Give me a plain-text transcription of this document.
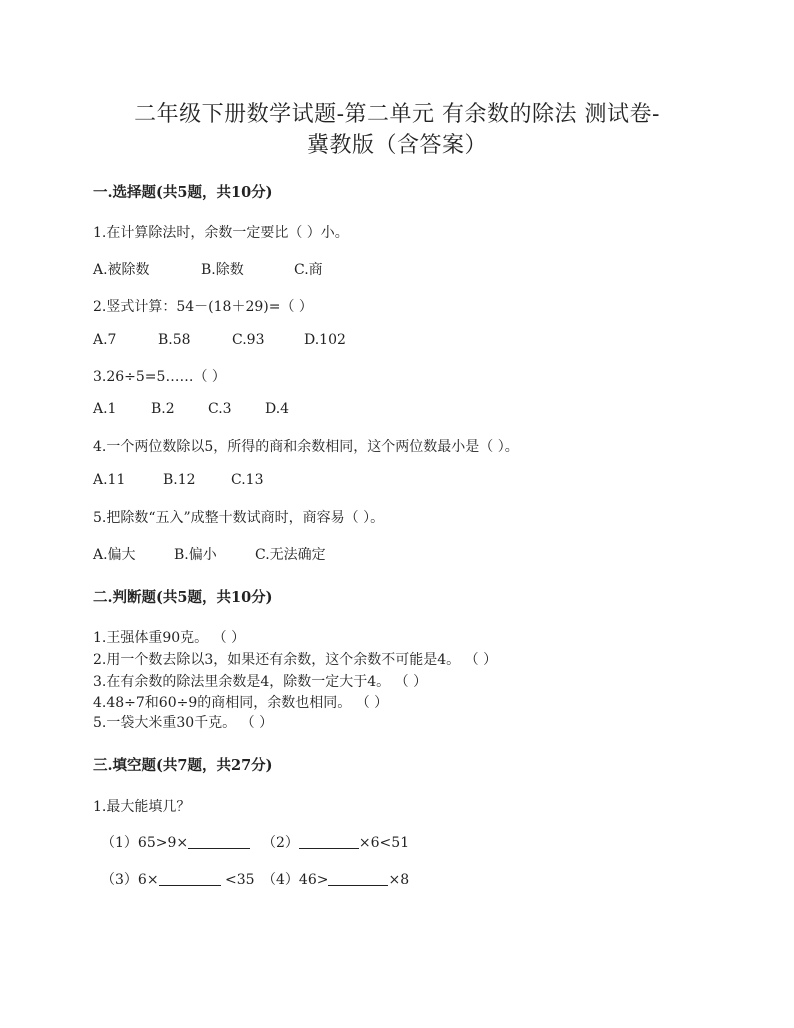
二年级下册数学试题-第二单元 有余数的除法 测试卷-
冀教版（含答案）
一.选择题(共5题，共10分)
1.在计算除法时，余数一定要比（ ）小。
A.被除数	B.除数	C.商
2.竖式计算：54－(18＋29)=（ ）
A.7	B.58	C.93	D.102
3.26÷5=5……（ ）
A.1 B.2 C.3 D.4
4.一个两位数除以5，所得的商和余数相同，这个两位数最小是（ ）。
A.11	B.12	C.13
5.把除数“五入”成整十数试商时，商容易（ ）。
A.偏大	B.偏小	C.无法确定
二.判断题(共5题，共10分)
1.王强体重90克。 （ ）
2.用一个数去除以3，如果还有余数，这个余数不可能是4。 （ ）
3.在有余数的除法里余数是4，除数一定大于4。 （ ）
4.48÷7和60÷9的商相同，余数也相同。 （ ）
5.一袋大米重30千克。 （ ）
三.填空题(共7题，共27分)
1.最大能填几？
（1）65>9×	（2）	×6<51
（3）6×	<35 （4）46>	×8
